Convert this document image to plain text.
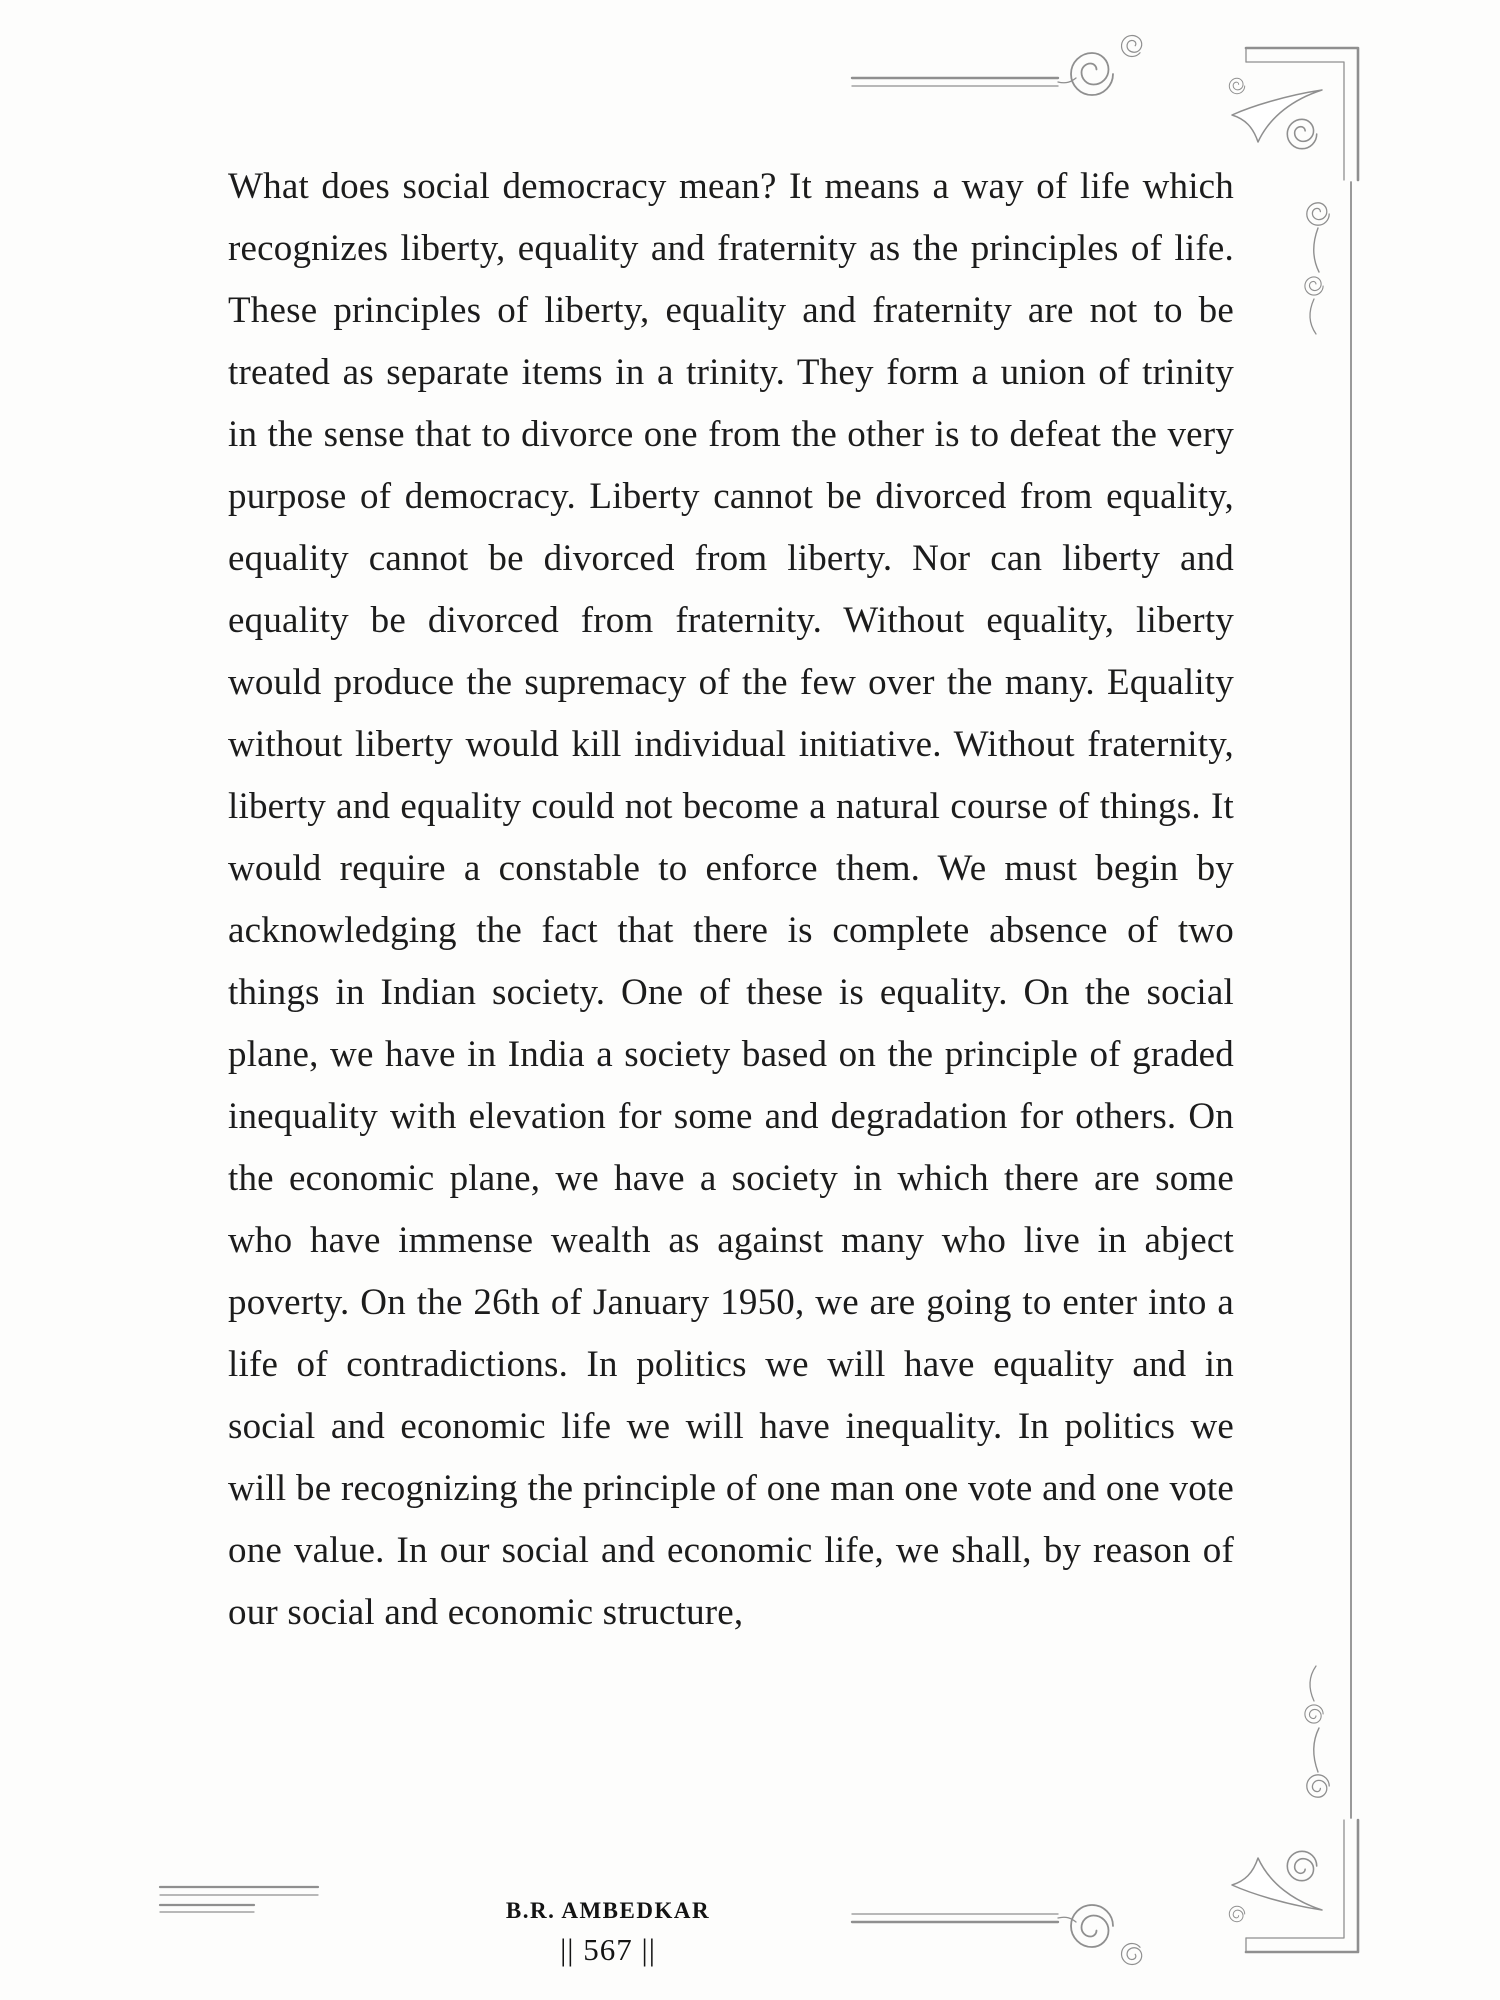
What does social democracy mean? It means a way of life which recognizes liberty, equality and fraternity as the principles of life. These principles of liberty, equality and fraternity are not to be treated as separate items in a trinity. They form a union of trinity in the sense that to divorce one from the other is to defeat the very purpose of democracy. Liberty cannot be divorced from equality, equality cannot be divorced from liberty. Nor can liberty and equality be divorced from fraternity. Without equality, liberty would produce the supremacy of the few over the many. Equality without liberty would kill individual initiative. Without fraternity, liberty and equality could not become a natural course of things. It would require a constable to enforce them. We must begin by acknowledging the fact that there is complete absence of two things in Indian society. One of these is equality. On the social plane, we have in India a society based on the principle of graded inequality with elevation for some and degradation for others. On the economic plane, we have a society in which there are some who have immense wealth as against many who live in abject poverty. On the 26th of January 1950, we are going to enter into a life of contradictions. In politics we will have equality and in social and economic life we will have inequality. In politics we will be recognizing the principle of one man one vote and one vote one value. In our social and economic life, we shall, by reason of our social and economic structure,
B.R. AMBEDKAR
|| 567 ||
